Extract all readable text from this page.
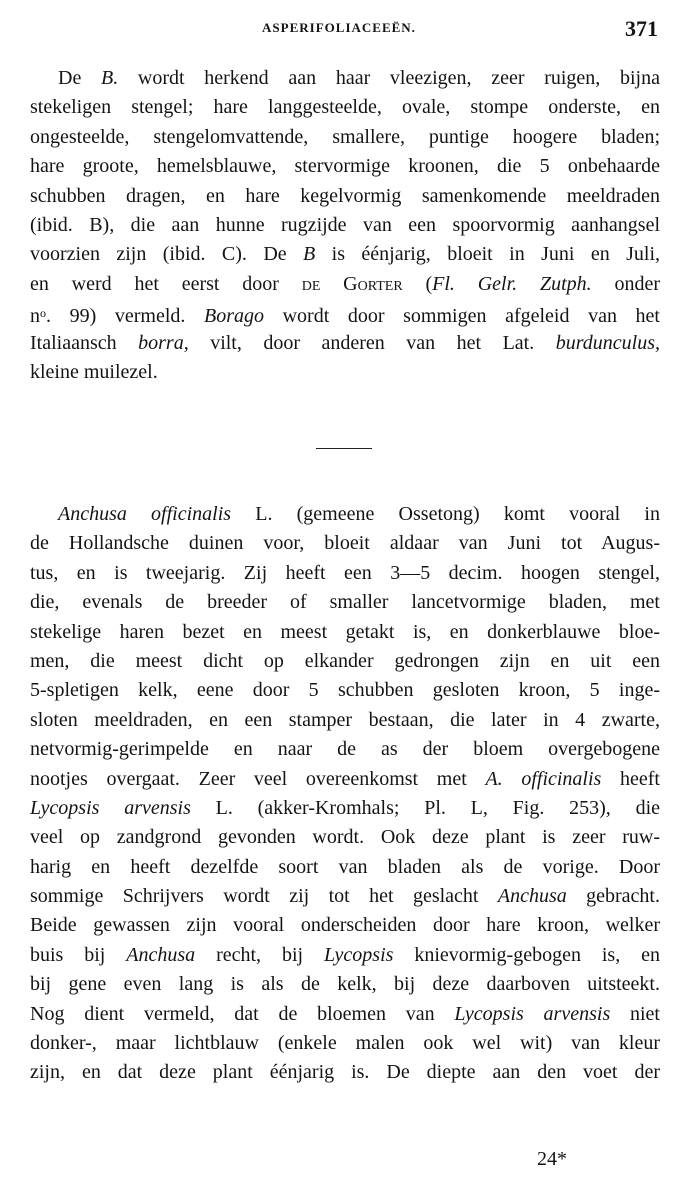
ASPERIFOLIACEEËN.	371
De B. wordt herkend aan haar vleezigen, zeer ruigen, bijna
stekeligen stengel; hare langgesteelde, ovale, stompe onderste, en
ongesteelde, stengelomvattende, smallere, puntige hoogere bladen;
hare groote, hemelsblauwe, stervormige kroonen, die 5 onbehaarde
schubben dragen, en hare kegelvormig samenkomende meeldraden
(ibid. B), die aan hunne rugzijde van een spoorvormig aanhangsel
voorzien zijn (ibid. C). De B is éénjarig, bloeit in Juni en Juli,
en werd het eerst door de Gorter (Fl. Gelr. Zutph. onder
$n^o$. 99) vermeld. Borago wordt door sommigen afgeleid van het
Italiaansch borra, vilt, door anderen van het Lat. burdunculus,
kleine muilezel.
Anchusa officinalis L. (gemeene Ossetong) komt vooral in
de Hollandsche duinen voor, bloeit aldaar van Juni tot Augus-
tus, en is tweejarig. Zij heeft een 3—5 decim. hoogen stengel,
die, evenals de breeder of smaller lancetvormige bladen, met
stekelige haren bezet en meest getakt is, en donkerblauwe bloe-
men, die meest dicht op elkander gedrongen zijn en uit een
5-spletigen kelk, eene door 5 schubben gesloten kroon, 5 inge-
sloten meeldraden, en een stamper bestaan, die later in 4 zwarte,
netvormig-gerimpelde en naar de as der bloem overgebogene
nootjes overgaat. Zeer veel overeenkomst met A. officinalis heeft
Lycopsis arvensis L. (akker-Kromhals; Pl. L, Fig. 253), die
veel op zandgrond gevonden wordt. Ook deze plant is zeer ruw-
harig en heeft dezelfde soort van bladen als de vorige. Door
sommige Schrijvers wordt zij tot het geslacht Anchusa gebracht.
Beide gewassen zijn vooral onderscheiden door hare kroon, welker
buis bij Anchusa recht, bij Lycopsis knievormig-gebogen is, en
bij gene even lang is als de kelk, bij deze daarboven uitsteekt.
Nog dient vermeld, dat de bloemen van Lycopsis arvensis niet
donker-, maar lichtblauw (enkele malen ook wel wit) van kleur
zijn, en dat deze plant éénjarig is. De diepte aan den voet der
24*
